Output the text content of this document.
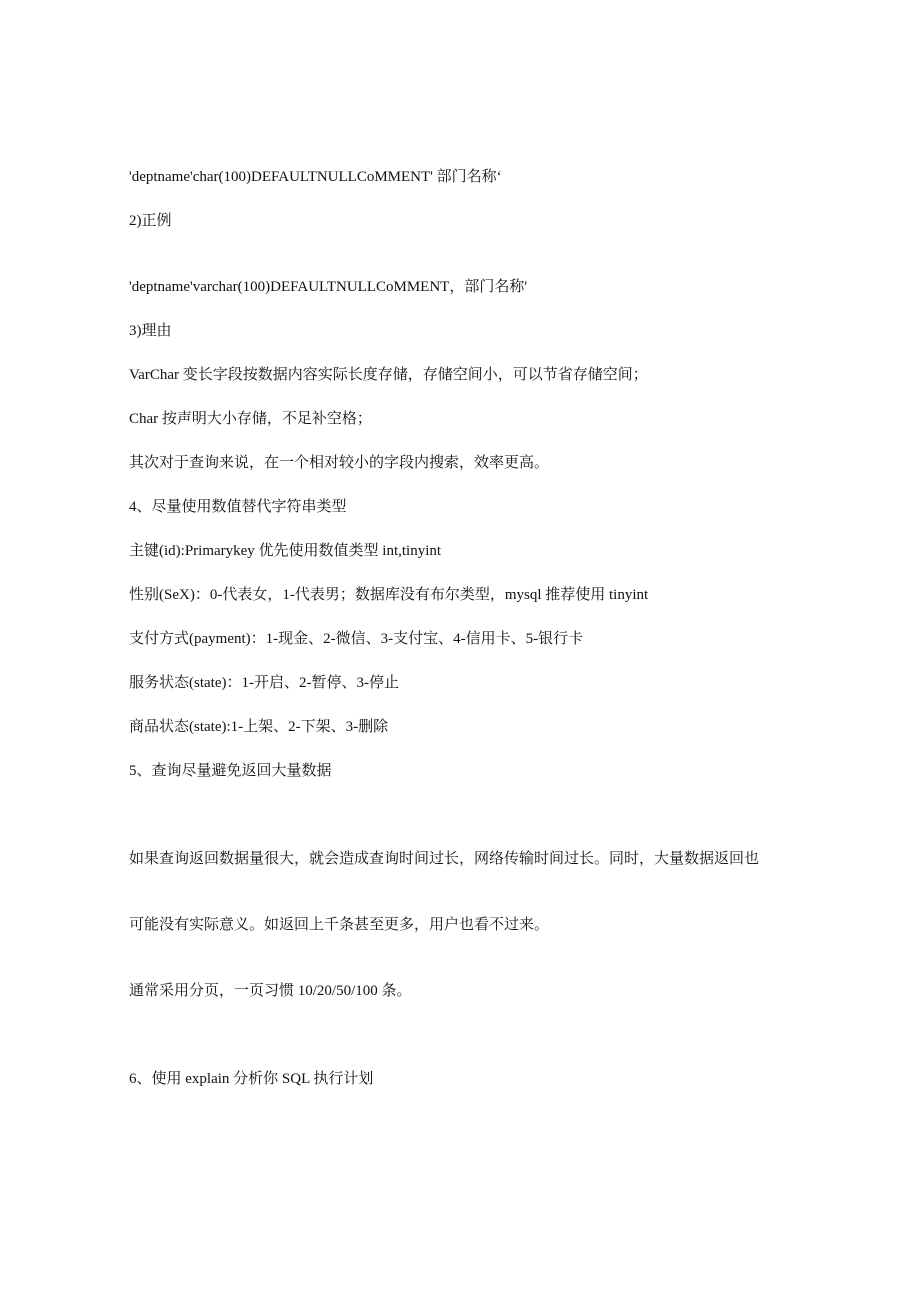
'deptname'char(100)DEFAULTNULLCoMMENT' 部门名称‘

2)正例

'deptname'varchar(100)DEFAULTNULLCoMMENT，部门名称'

3)理由

VarChar 变长字段按数据内容实际长度存储，存储空间小，可以节省存储空间；

Char 按声明大小存储，不足补空格；

其次对于查询来说，在一个相对较小的字段内搜索，效率更高。

4、尽量使用数值替代字符串类型

主键(id):Primarykey 优先使用数值类型 int,tinyint

性别(SeX)：0-代表女，1-代表男；数据库没有布尔类型，mysql 推荐使用 tinyint

支付方式(payment)：1-现金、2-微信、3-支付宝、4-信用卡、5-银行卡

服务状态(state)：1-开启、2-暂停、3-停止

商品状态(state):1-上架、2-下架、3-删除

5、查询尽量避免返回大量数据

如果查询返回数据量很大，就会造成查询时间过长，网络传输时间过长。同时，大量数据返回也

可能没有实际意义。如返回上千条甚至更多，用户也看不过来。

通常采用分页，一页习惯 10/20/50/100 条。

6、使用 explain 分析你 SQL 执行计划
